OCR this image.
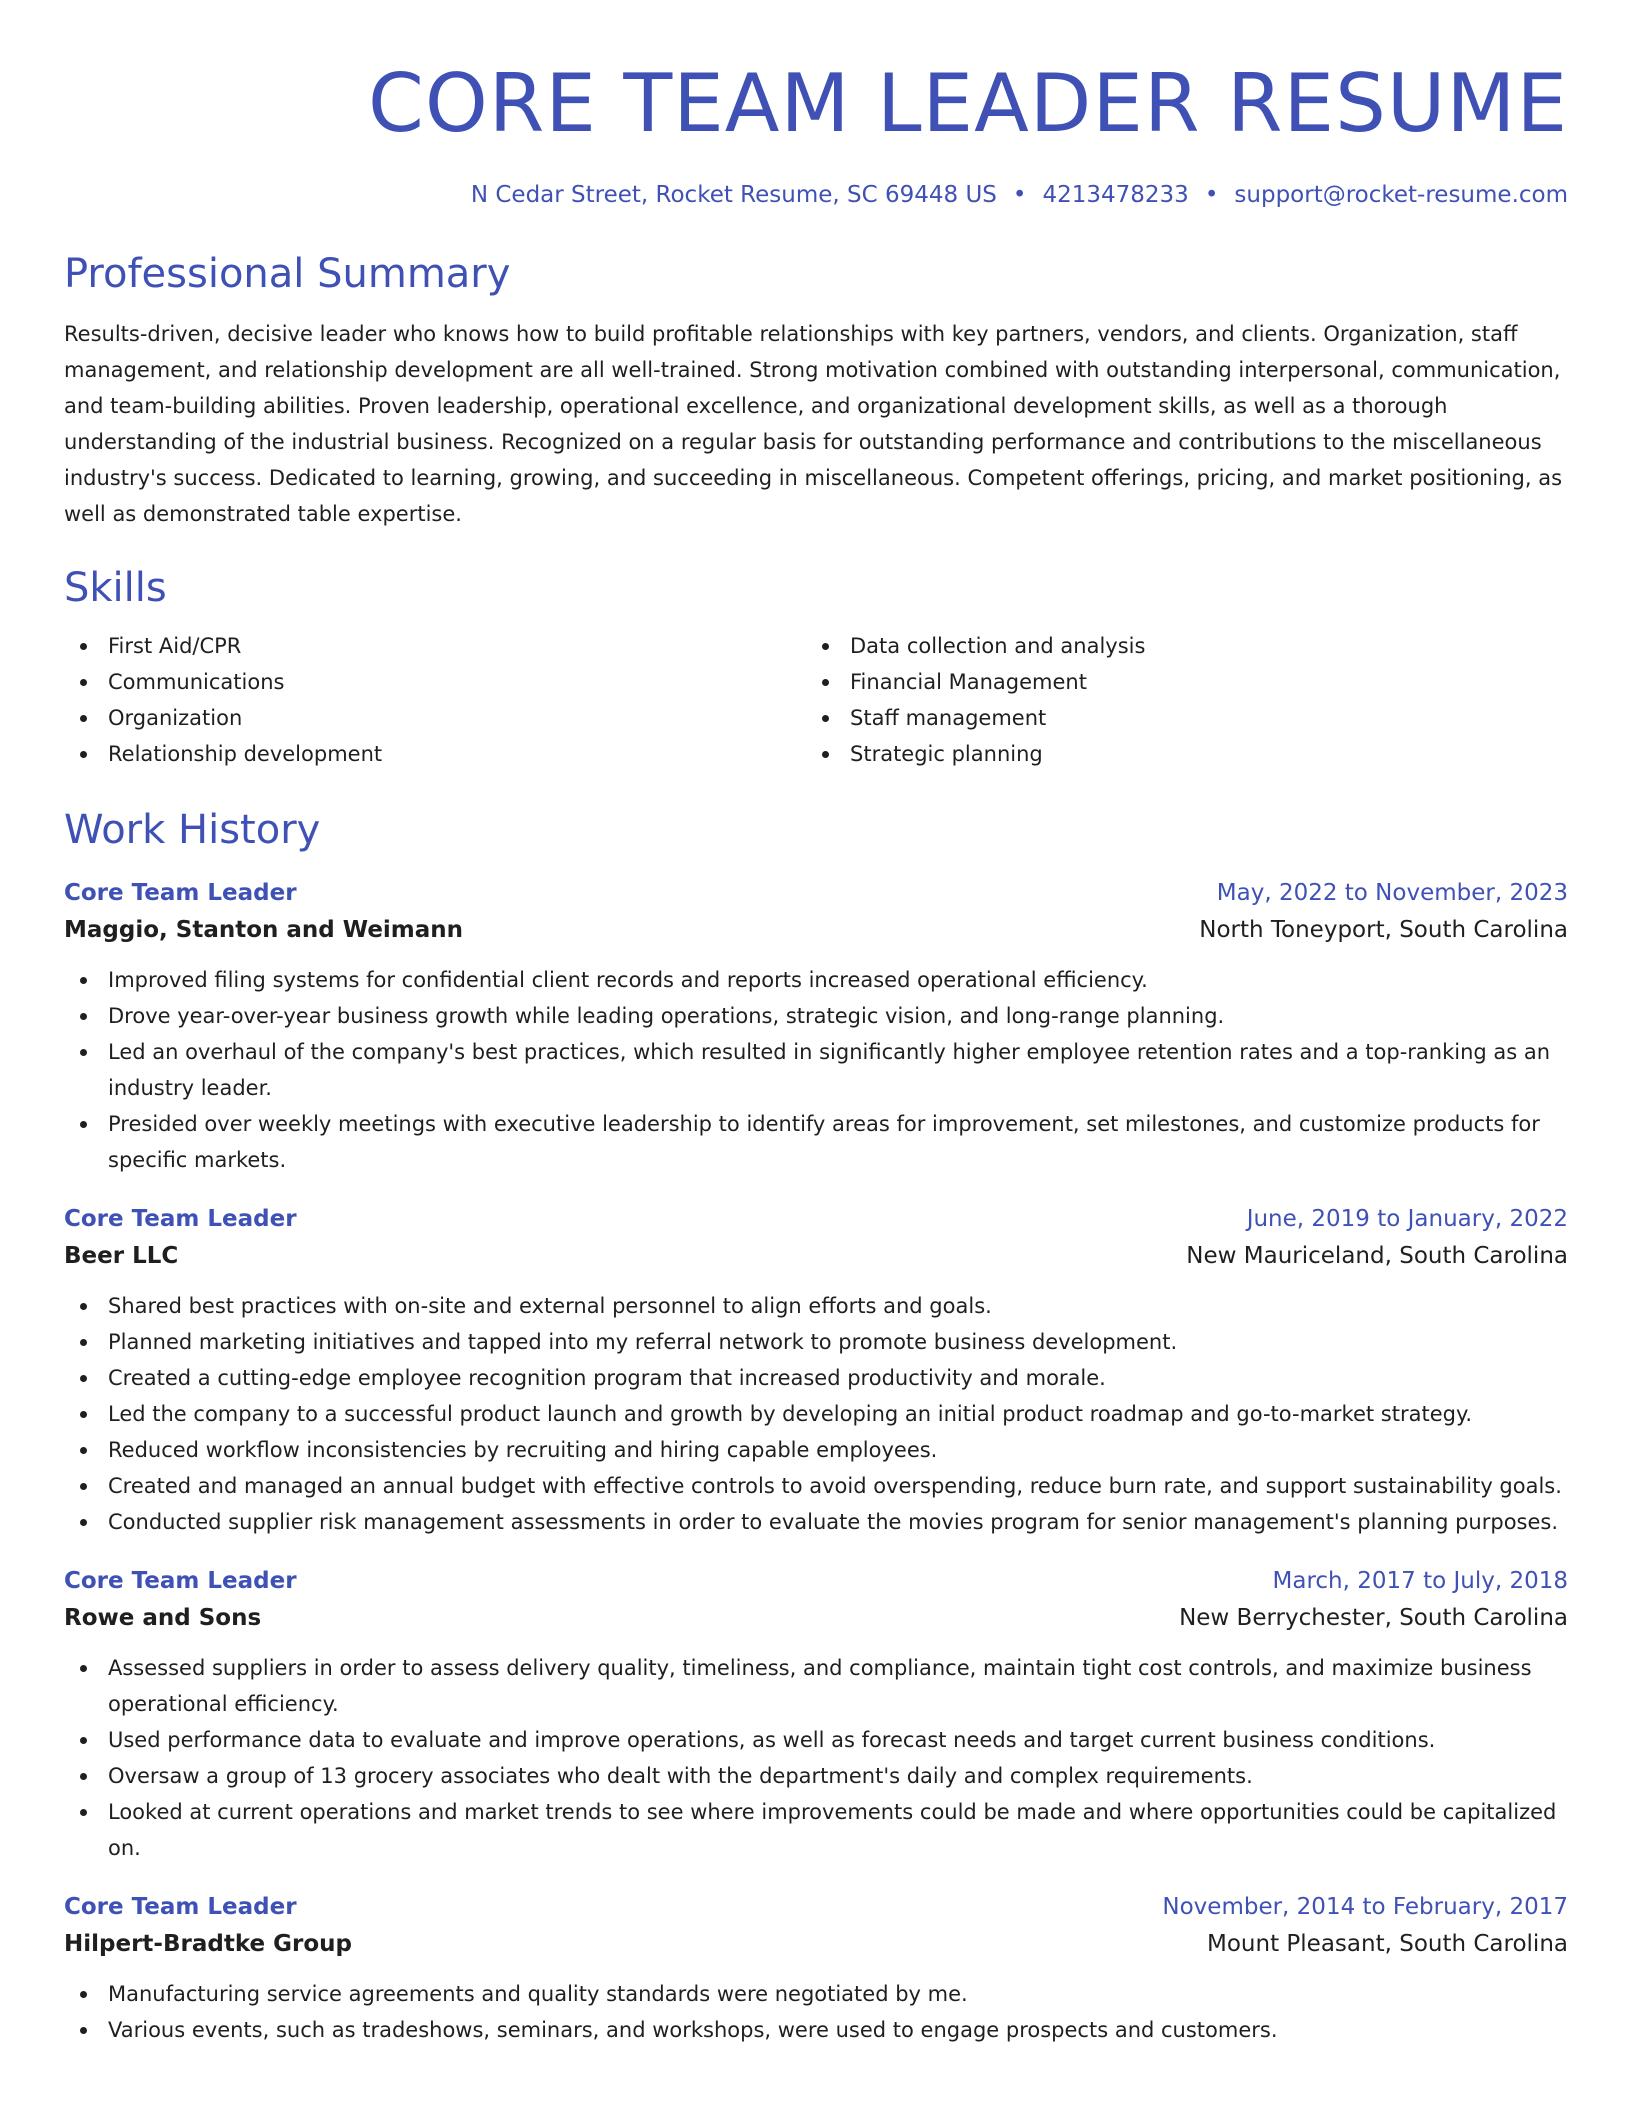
CORE TEAM LEADER RESUME
N Cedar Street, Rocket Resume, SC 69448 US • 4213478233 • support@rocket-resume.com
Professional Summary
Results-driven, decisive leader who knows how to build profitable relationships with key partners, vendors, and clients. Organization, staff management, and relationship development are all well-trained. Strong motivation combined with outstanding interpersonal, communication, and team-building abilities. Proven leadership, operational excellence, and organizational development skills, as well as a thorough understanding of the industrial business. Recognized on a regular basis for outstanding performance and contributions to the miscellaneous industry's success. Dedicated to learning, growing, and succeeding in miscellaneous. Competent offerings, pricing, and market positioning, as well as demonstrated table expertise.
Skills
First Aid/CPR
Communications
Organization
Relationship development
Data collection and analysis
Financial Management
Staff management
Strategic planning
Work History
Core Team Leader	May, 2022 to November, 2023
Maggio, Stanton and Weimann	North Toneyport, South Carolina
Improved filing systems for confidential client records and reports increased operational efficiency.
Drove year-over-year business growth while leading operations, strategic vision, and long-range planning.
Led an overhaul of the company's best practices, which resulted in significantly higher employee retention rates and a top-ranking as an industry leader.
Presided over weekly meetings with executive leadership to identify areas for improvement, set milestones, and customize products for specific markets.
Core Team Leader	June, 2019 to January, 2022
Beer LLC	New Mauriceland, South Carolina
Shared best practices with on-site and external personnel to align efforts and goals.
Planned marketing initiatives and tapped into my referral network to promote business development.
Created a cutting-edge employee recognition program that increased productivity and morale.
Led the company to a successful product launch and growth by developing an initial product roadmap and go-to-market strategy.
Reduced workflow inconsistencies by recruiting and hiring capable employees.
Created and managed an annual budget with effective controls to avoid overspending, reduce burn rate, and support sustainability goals.
Conducted supplier risk management assessments in order to evaluate the movies program for senior management's planning purposes.
Core Team Leader	March, 2017 to July, 2018
Rowe and Sons	New Berrychester, South Carolina
Assessed suppliers in order to assess delivery quality, timeliness, and compliance, maintain tight cost controls, and maximize business operational efficiency.
Used performance data to evaluate and improve operations, as well as forecast needs and target current business conditions.
Oversaw a group of 13 grocery associates who dealt with the department's daily and complex requirements.
Looked at current operations and market trends to see where improvements could be made and where opportunities could be capitalized on.
Core Team Leader	November, 2014 to February, 2017
Hilpert-Bradtke Group	Mount Pleasant, South Carolina
Manufacturing service agreements and quality standards were negotiated by me.
Various events, such as tradeshows, seminars, and workshops, were used to engage prospects and customers.
